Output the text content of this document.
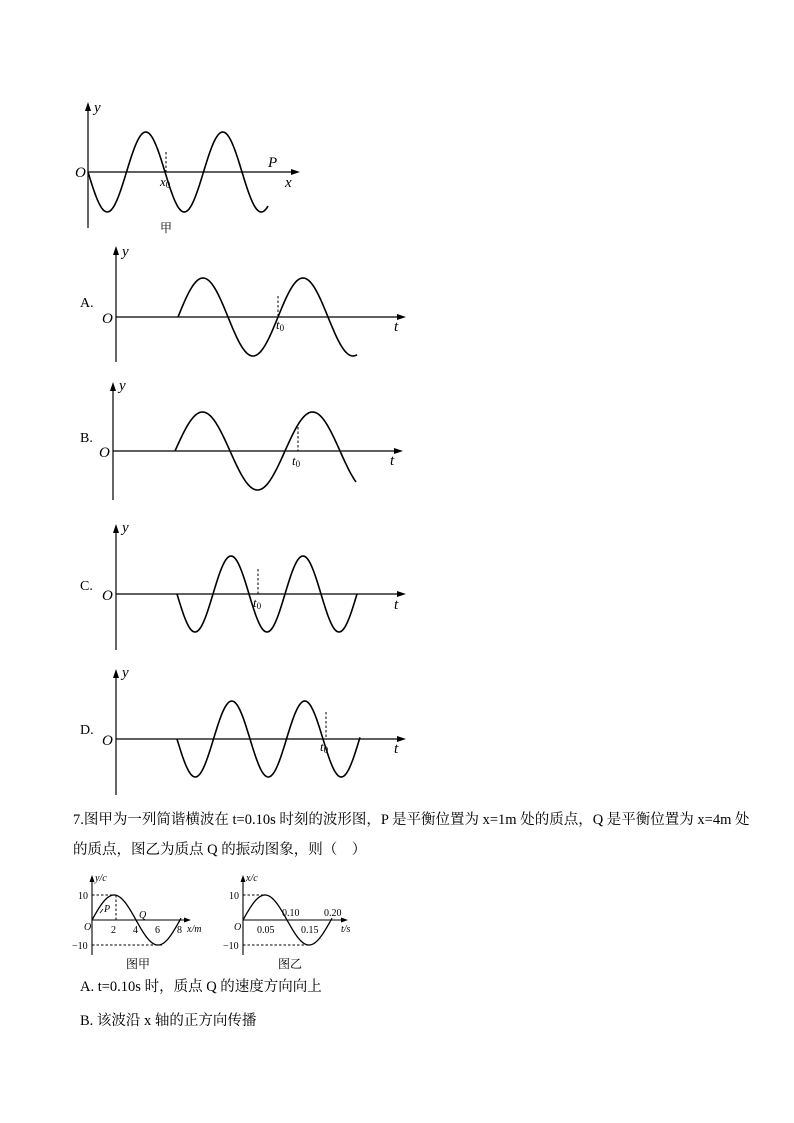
y
x
O
x0
P
甲
A.
y
O	t
t0
B.
y
O	t
t0
C.
y
O
t
t0
D.
y
O	t
t0
y/c
x/m
O
10
−10
2 4 6 8
P
Q
图甲
x/c
t/s
O
10
−10
0.05	0.15
0.10 0.20
图乙
7.图甲为一列简谐横波在 t=0.10s 时刻的波形图，P 是平衡位置为 x=1m 处的质点，Q 是平衡位置为 x=4m 处
的质点，图乙为质点 Q 的振动图象，则（　）
A. t=0.10s 时，质点 Q 的速度方向向上
B. 该波沿 x 轴的正方向传播
